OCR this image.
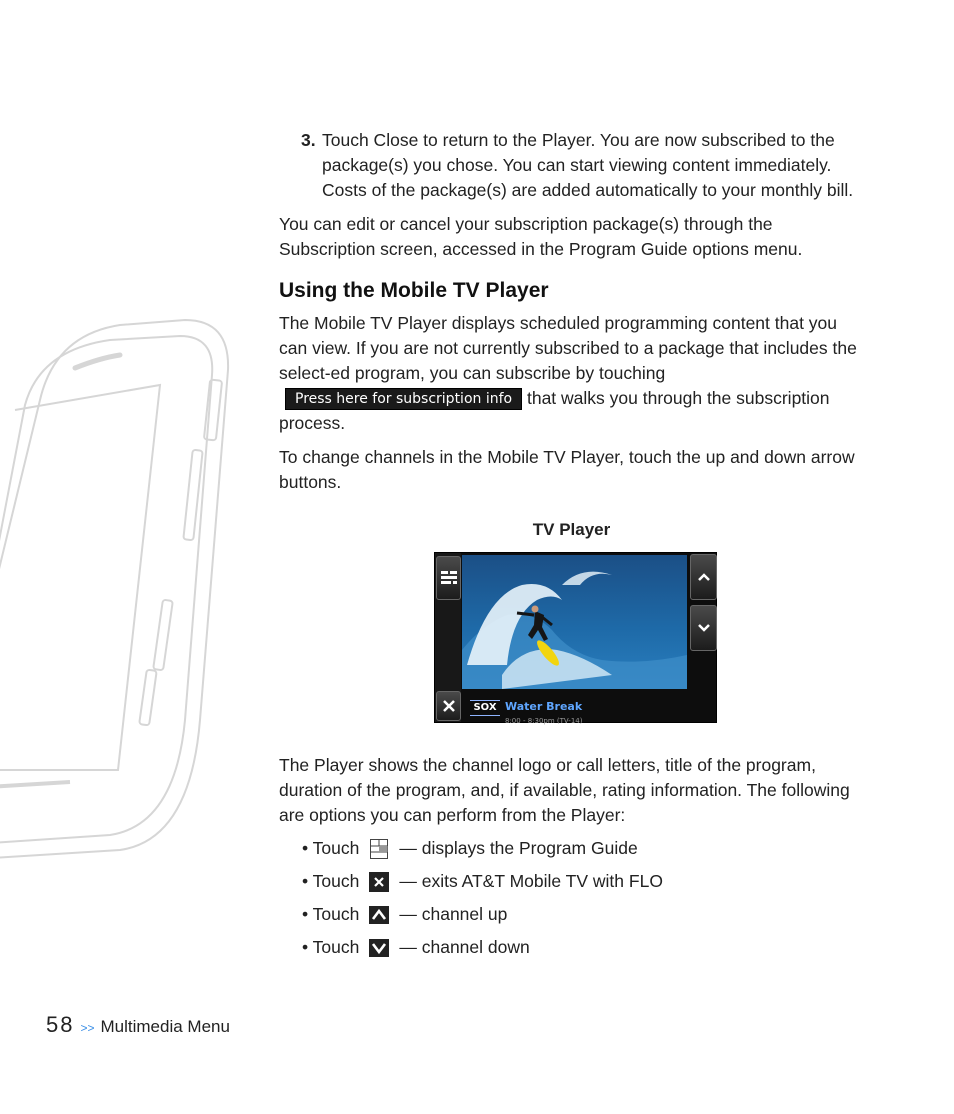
3. Touch Close to return to the Player. You are now subscribed to the package(s) you chose. You can start viewing content immediately. Costs of the package(s) are added automatically to your monthly bill.

You can edit or cancel your subscription package(s) through the Subscription screen, accessed in the Program Guide options menu.

Using the Mobile TV Player

The Mobile TV Player displays scheduled programming content that you can view. If you are not currently subscribed to a package that includes the select-ed program, you can subscribe by touchingPress here for subscription info that walks you through the subscription process.

To change channels in the Mobile TV Player, touch the up and down arrow buttons.

TV Player
SOX Water Break
8:00 - 8:30pm (TV-14)

The Player shows the channel logo or call letters, title of the program, duration of the program, and, if available, rating information. The following are options you can perform from the Player:

• Touch — displays the Program Guide
• Touch — exits AT&T Mobile TV with FLO
• Touch — channel up
• Touch — channel down
58 >> Multimedia Menu
